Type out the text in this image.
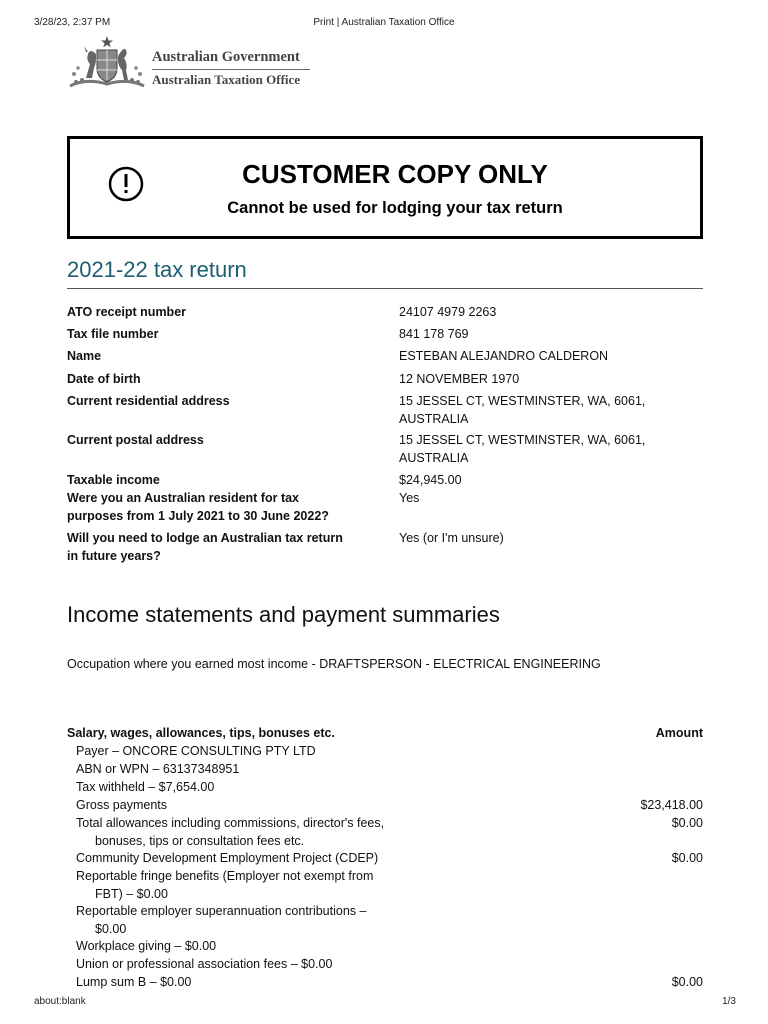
3/28/23, 2:37 PM	Print | Australian Taxation Office
Australian Government
Australian Taxation Office
CUSTOMER COPY ONLY
Cannot be used for lodging your tax return
2021-22 tax return
ATO receipt number	24107 4979 2263
Tax file number	841 178 769
Name	ESTEBAN ALEJANDRO CALDERON
Date of birth	12 NOVEMBER 1970
Current residential address	15 JESSEL CT, WESTMINSTER, WA, 6061,
AUSTRALIA
Current postal address	15 JESSEL CT, WESTMINSTER, WA, 6061,
AUSTRALIA
Taxable income	$24,945.00
Were you an Australian resident for tax
purposes from 1 July 2021 to 30 June 2022?
Yes
Will you need to lodge an Australian tax return
in future years?
Yes (or I'm unsure)
Income statements and payment summaries
Occupation where you earned most income - DRAFTSPERSON - ELECTRICAL ENGINEERING
Salary, wages, allowances, tips, bonuses etc.	Amount
Payer – ONCORE CONSULTING PTY LTD
ABN or WPN – 63137348951
Tax withheld – $7,654.00
Gross payments	$23,418.00
Total allowances including commissions, director's fees,
bonuses, tips or consultation fees etc.
$0.00
Community Development Employment Project (CDEP)	$0.00
Reportable fringe benefits (Employer not exempt from
FBT) – $0.00
Reportable employer superannuation contributions –
$0.00
Workplace giving – $0.00
Union or professional association fees – $0.00
Lump sum B – $0.00	$0.00
about:blank	1/3
